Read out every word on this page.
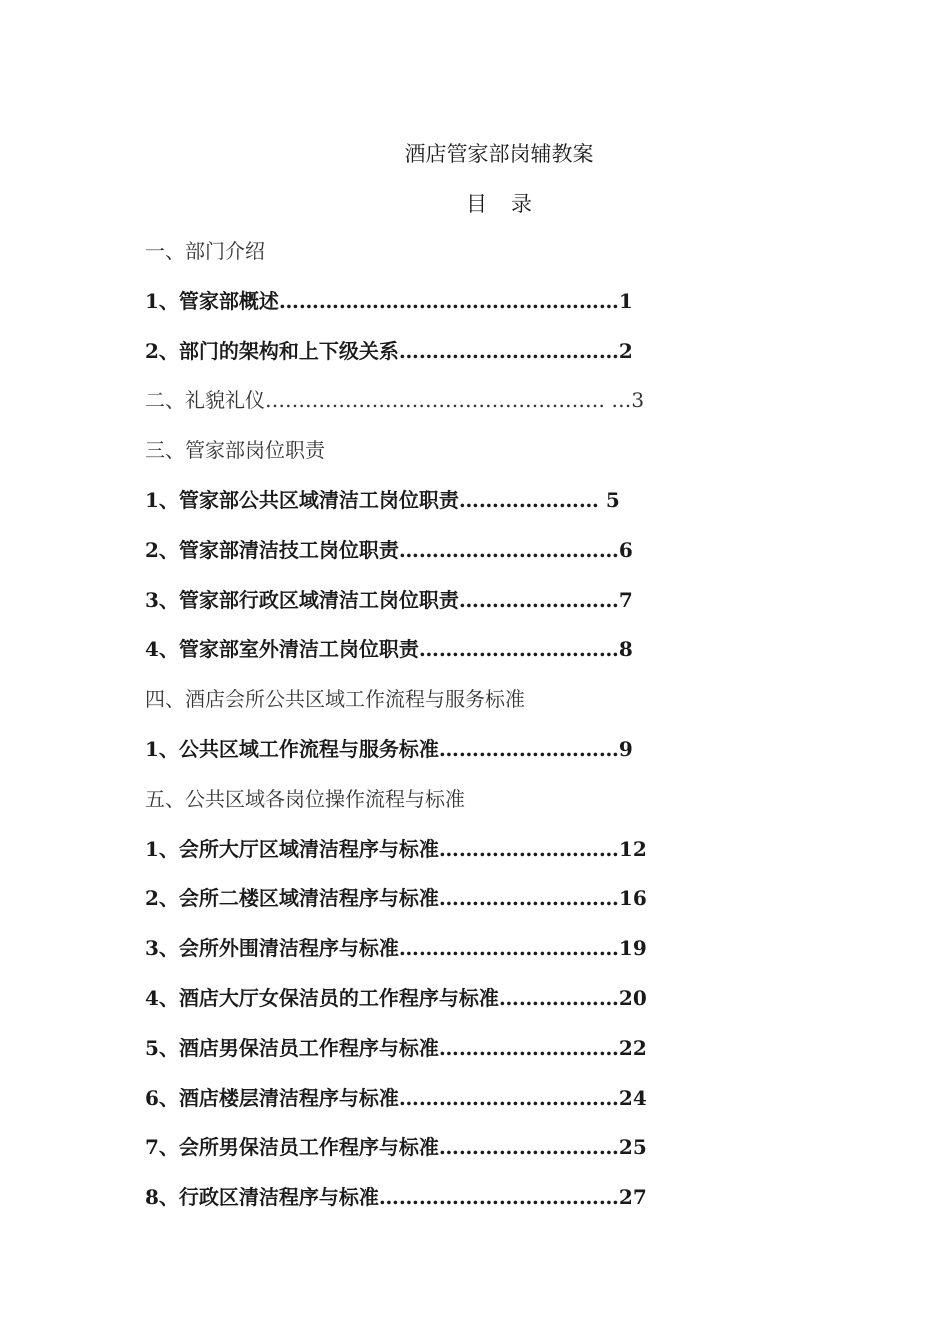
酒店管家部岗辅教案
目 录
一、部门介绍
1、管家部概述……………………………………………1
2、部门的架构和上下级关系……………………………2
二、礼貌礼仪…………………………………………… …3
三、管家部岗位职责
1、管家部公共区域清洁工岗位职责………………… 5
2、管家部清洁技工岗位职责……………………………6
3、管家部行政区域清洁工岗位职责……………………7
4、管家部室外清洁工岗位职责…………………………8
四、酒店会所公共区域工作流程与服务标准
1、公共区域工作流程与服务标准………………………9
五、公共区域各岗位操作流程与标准
1、会所大厅区域清洁程序与标准………………………12
2、会所二楼区域清洁程序与标准………………………16
3、会所外围清洁程序与标准……………………………19
4、酒店大厅女保洁员的工作程序与标准………………20
5、酒店男保洁员工作程序与标准………………………22
6、酒店楼层清洁程序与标准……………………………24
7、会所男保洁员工作程序与标准………………………25
8、行政区清洁程序与标准………………………………27
